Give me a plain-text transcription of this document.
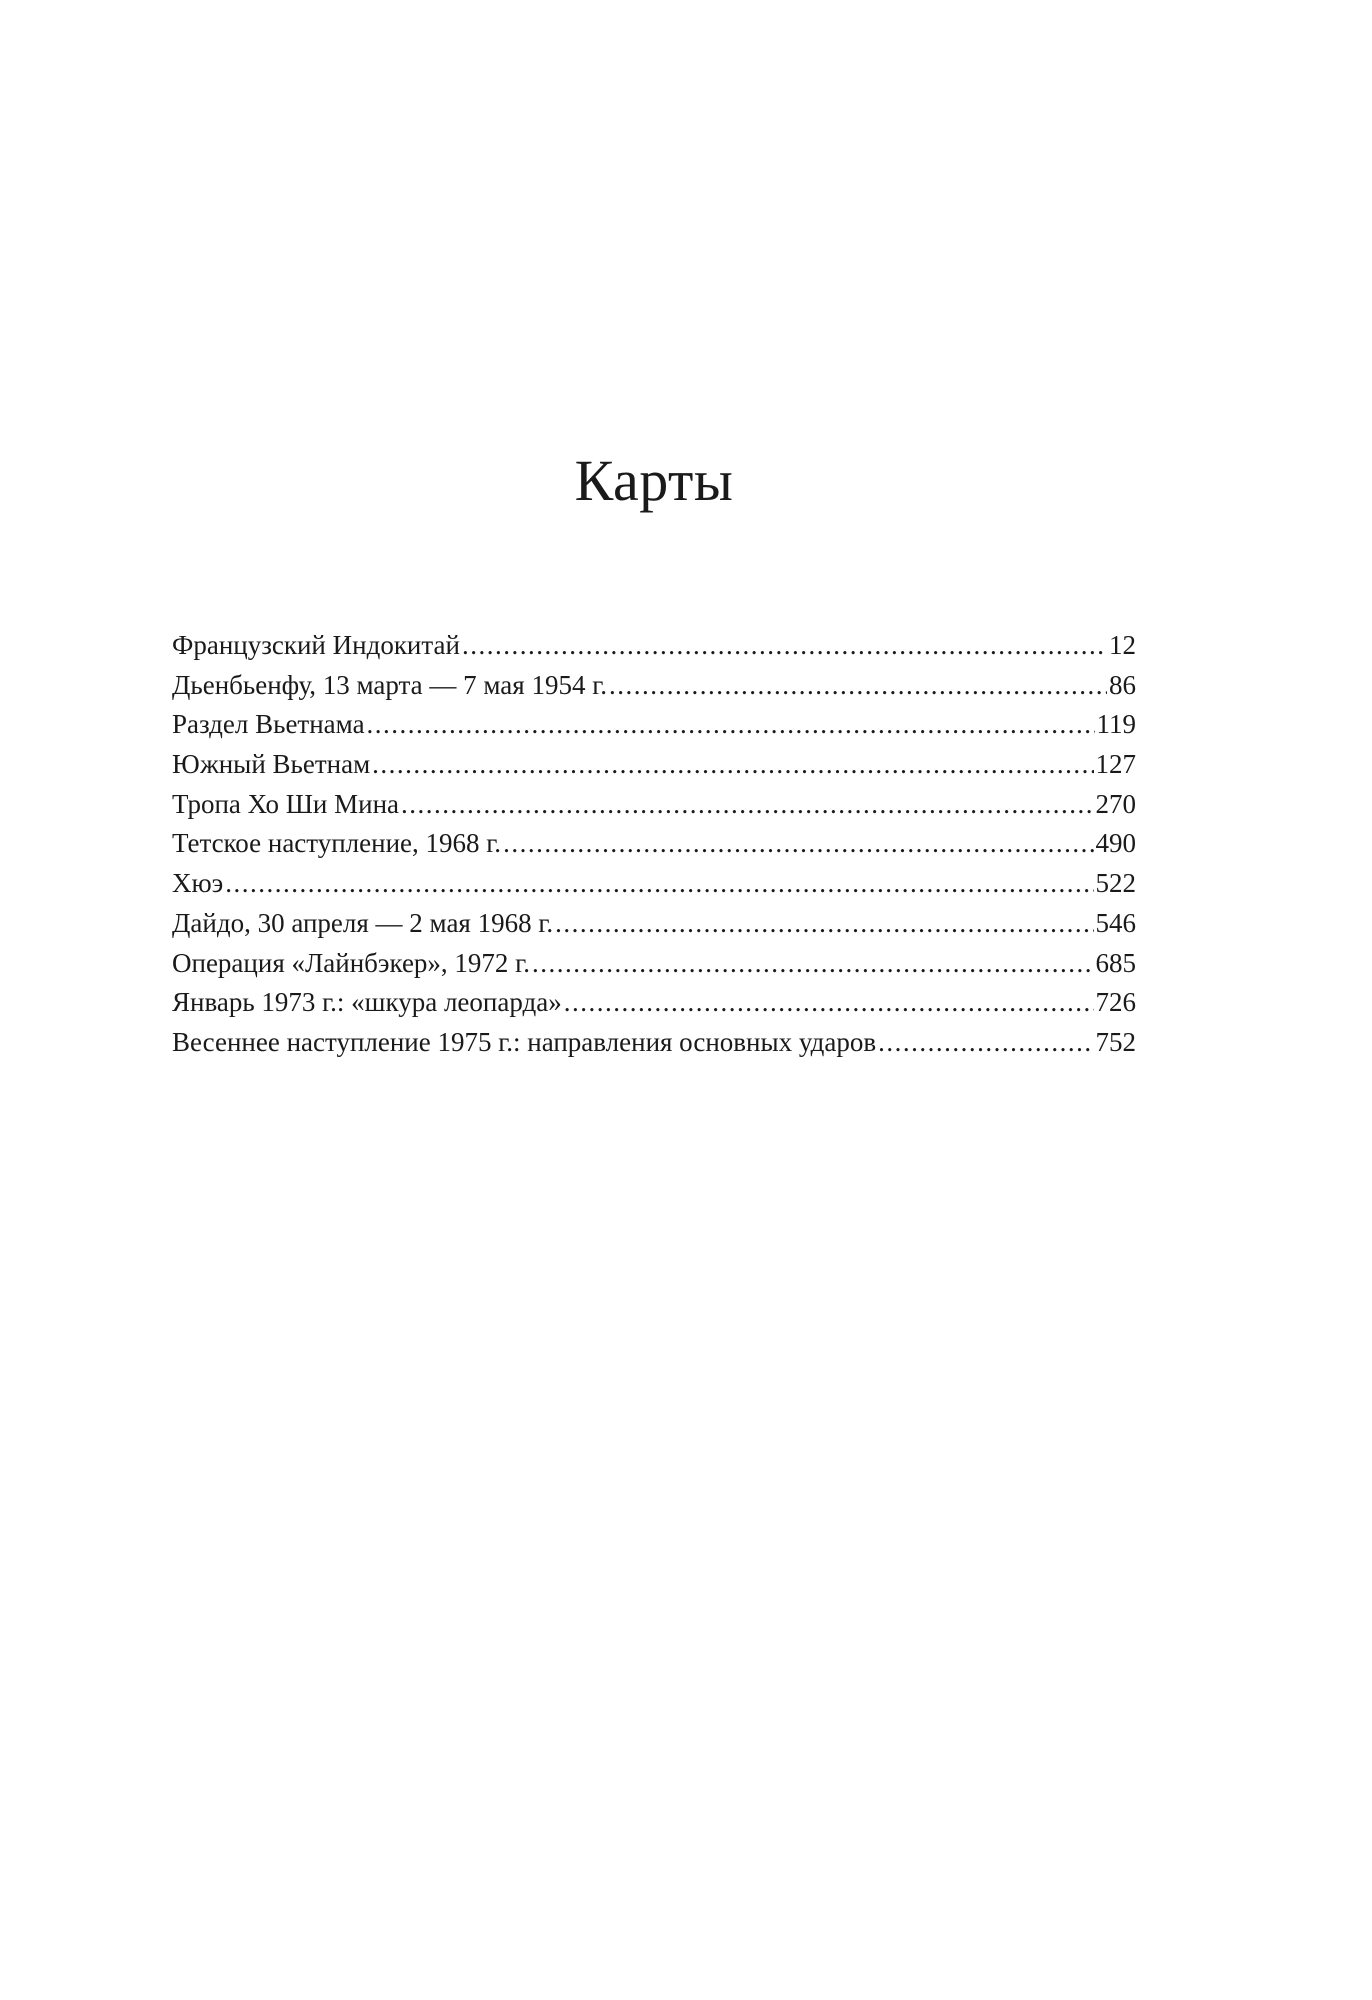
Карты
Французский Индокитай .....	12
Дьенбьенфу, 13 марта — 7 мая 1954 г. .....	86
Раздел Вьетнама .....	119
Южный Вьетнам .....	127
Тропа Хо Ши Мина .....	270
Тетское наступление, 1968 г. .....	490
Хюэ .....	522
Дайдо, 30 апреля — 2 мая 1968 г. .....	546
Операция «Лайнбэкер», 1972 г. .....	685
Январь 1973 г.: «шкура леопарда» .....	726
Весеннее наступление 1975 г.: направления основных ударов .....	752
